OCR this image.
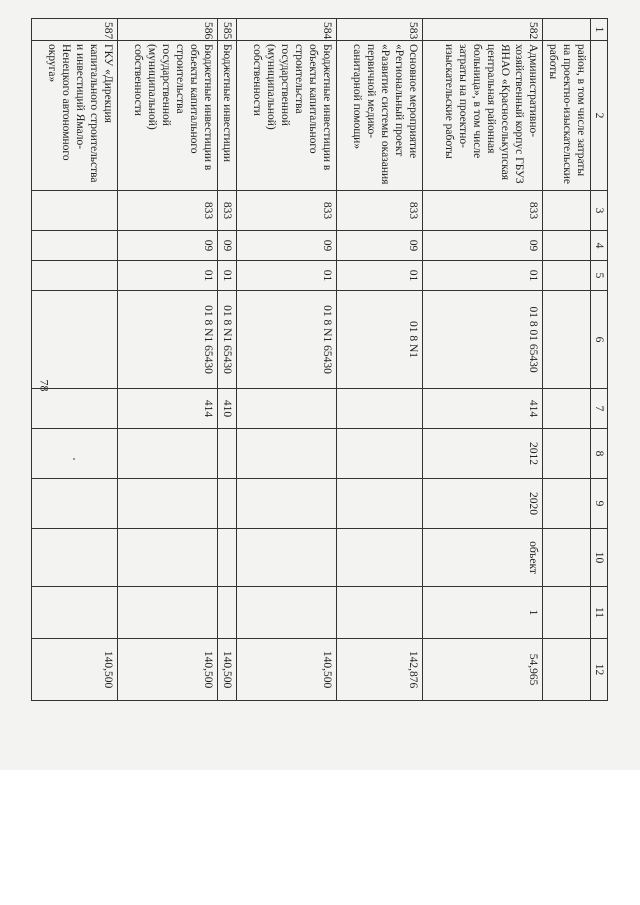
78
1	2	3	4	5	6	7	8	9	10	11	12
	район, в том числе затраты на проектно-изыскательские работы										
582	Административно-хозяйственный корпус ГБУЗ ЯНАО «Красноселькупская центральная районная больница», в том числе затраты на проектно-изыскательские работы	833	09	01	01 8 01 65430	414	2012	2020	объект	1	54,965
583	Основное мероприятие «Региональный проект «Развитие системы оказания первичной медико-санитарной помощи»	833	09	01	01 8 N1						142,876
584	Бюджетные инвестиции в объекты капитального строительства государственной (муниципальной) собственности	833	09	01	01 8 N1 65430						140,500
585	Бюджетные инвестиции	833	09	01	01 8 N1 65430	410					140,500
586	Бюджетные инвестиции в объекты капитального строительства государственной (муниципальной) собственности	833	09	01	01 8 N1 65430	414					140,500
587	ГКУ «Дирекция капитального строительства и инвестиций Ямало-Ненецкого автономного округа»										140,500
